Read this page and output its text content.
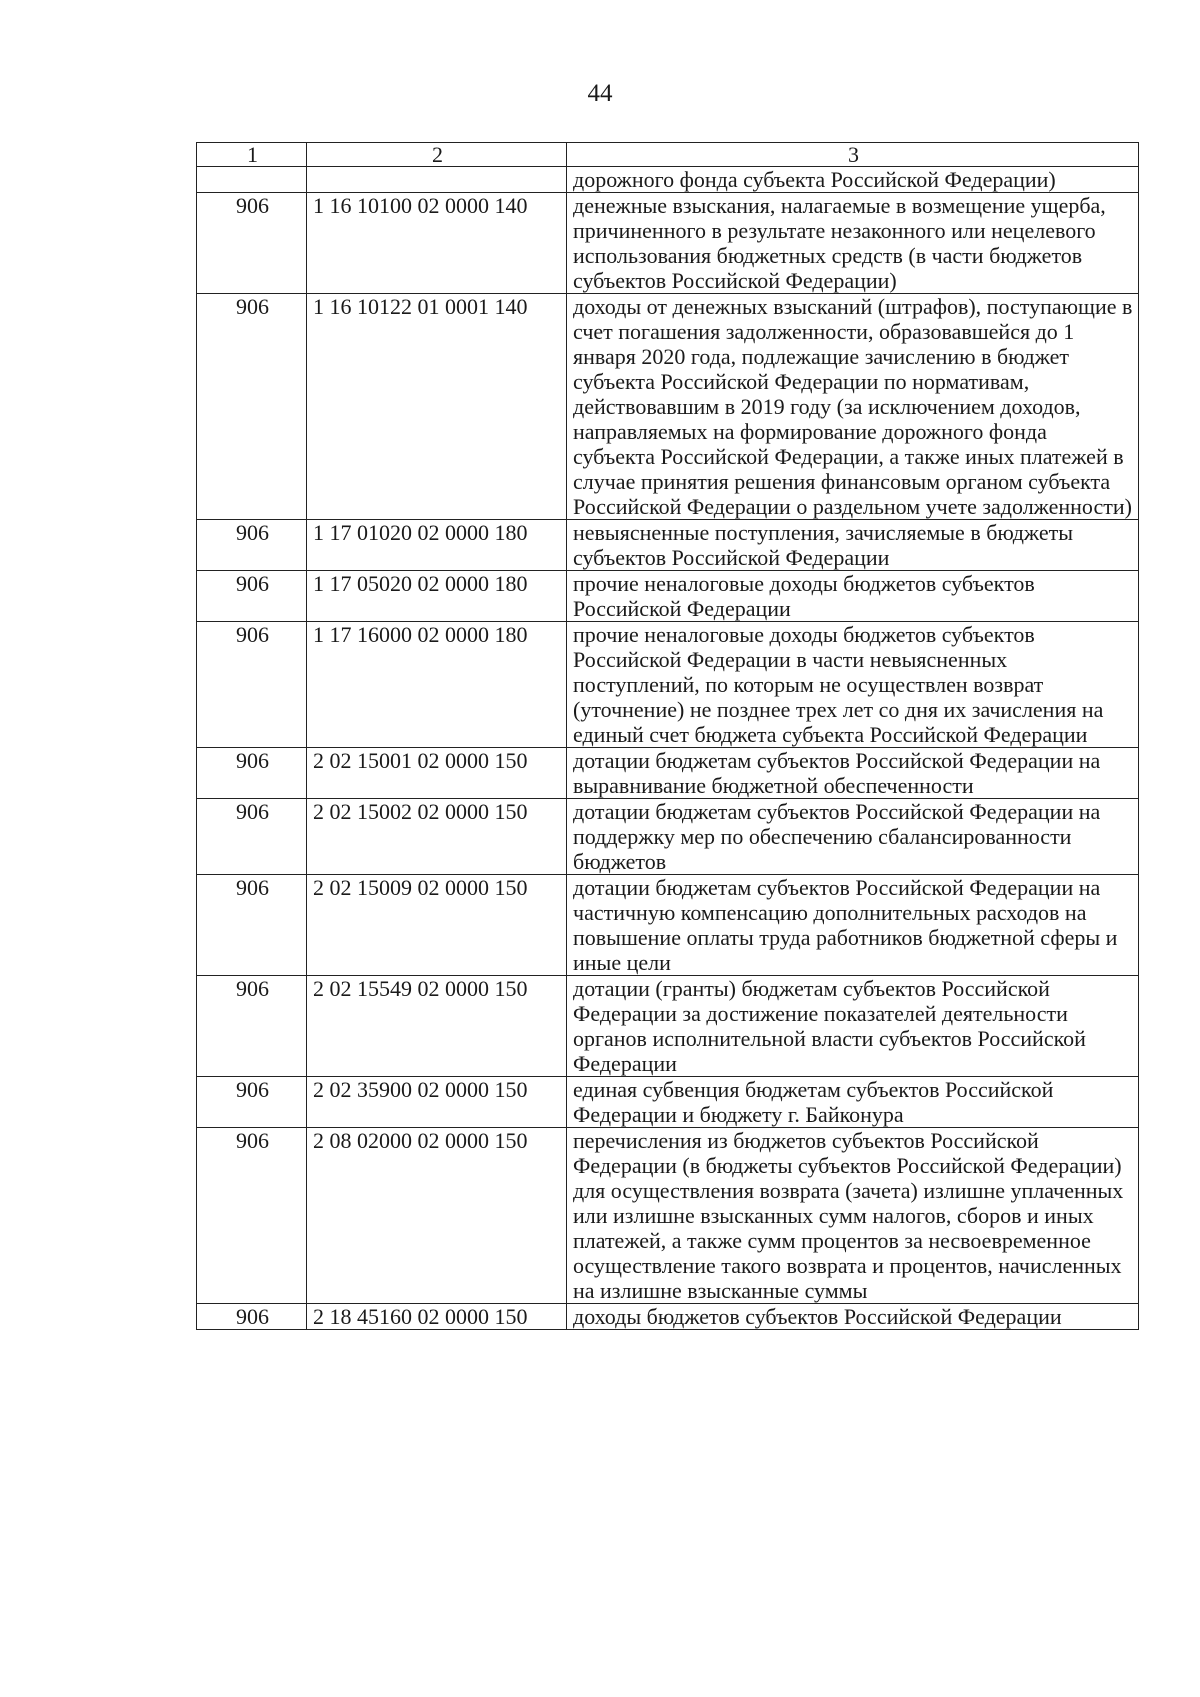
44
1	2	3
		дорожного фонда субъекта Российской Федерации)
906	1 16 10100 02 0000 140	денежные взыскания, налагаемые в возмещение ущерба, причиненного в результате незаконного или нецелевого использования бюджетных средств (в части бюджетов субъектов Российской Федерации)
906	1 16 10122 01 0001 140	доходы от денежных взысканий (штрафов), поступающие в счет погашения задолженности, образовавшейся до 1 января 2020 года, подлежащие зачислению в бюджет субъекта Российской Федерации по нормативам, действовавшим в 2019 году (за исключением доходов, направляемых на формирование дорожного фонда субъекта Российской Федерации, а также иных платежей в случае принятия решения финансовым органом субъекта Российской Федерации о раздельном учете задолженности)
906	1 17 01020 02 0000 180	невыясненные поступления, зачисляемые в бюджеты субъектов Российской Федерации
906	1 17 05020 02 0000 180	прочие неналоговые доходы бюджетов субъектов Российской Федерации
906	1 17 16000 02 0000 180	прочие неналоговые доходы бюджетов субъектов Российской Федерации в части невыясненных поступлений, по которым не осуществлен возврат (уточнение) не позднее трех лет со дня их зачисления на единый счет бюджета субъекта Российской Федерации
906	2 02 15001 02 0000 150	дотации бюджетам субъектов Российской Федерации на выравнивание бюджетной обеспеченности
906	2 02 15002 02 0000 150	дотации бюджетам субъектов Российской Федерации на поддержку мер по обеспечению сбалансированности бюджетов
906	2 02 15009 02 0000 150	дотации бюджетам субъектов Российской Федерации на частичную компенсацию дополнительных расходов на повышение оплаты труда работников бюджетной сферы и иные цели
906	2 02 15549 02 0000 150	дотации (гранты) бюджетам субъектов Российской Федерации за достижение показателей деятельности органов исполнительной власти субъектов Российской Федерации
906	2 02 35900 02 0000 150	единая субвенция бюджетам субъектов Российской Федерации и бюджету г. Байконура
906	2 08 02000 02 0000 150	перечисления из бюджетов субъектов Российской Федерации (в бюджеты субъектов Российской Федерации) для осуществления возврата (зачета) излишне уплаченных или излишне взысканных сумм налогов, сборов и иных платежей, а также сумм процентов за несвоевременное осуществление такого возврата и процентов, начисленных на излишне взысканные суммы
906	2 18 45160 02 0000 150	доходы бюджетов субъектов Российской Федерации
